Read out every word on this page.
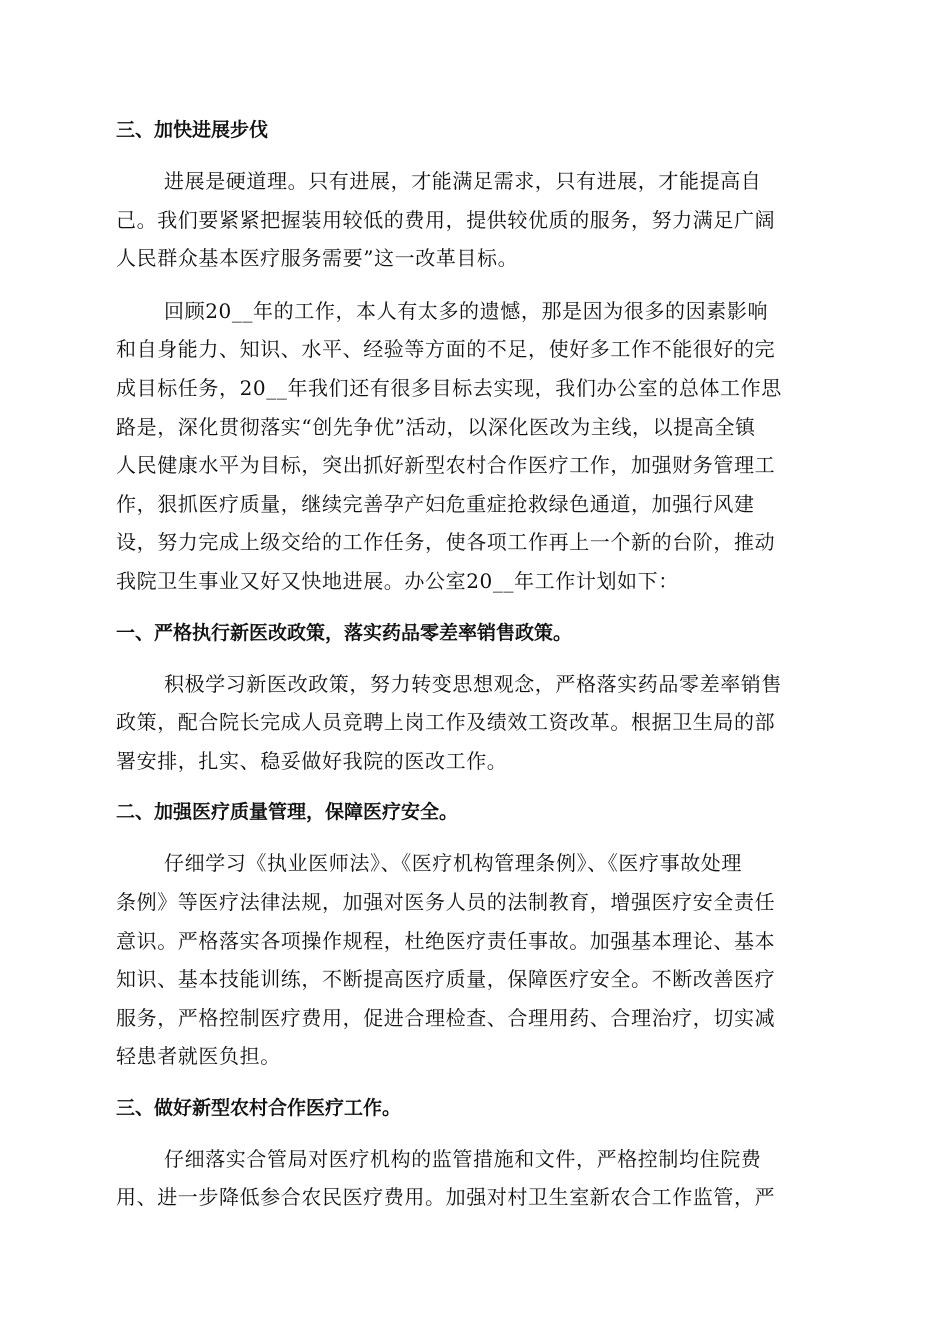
三、加快进展步伐
进展是硬道理。只有进展，才能满足需求，只有进展，才能提高自
己。我们要紧紧把握装用较低的费用，提供较优质的服务，努力满足广阔
人民群众基本医疗服务需要”这一改革目标。
回顾20__年的工作，本人有太多的遗憾，那是因为很多的因素影响
和自身能力、知识、水平、经验等方面的不足，使好多工作不能很好的完
成目标任务，20__年我们还有很多目标去实现，我们办公室的总体工作思
路是，深化贯彻落实“创先争优”活动，以深化医改为主线，以提高全镇
人民健康水平为目标，突出抓好新型农村合作医疗工作，加强财务管理工
作，狠抓医疗质量，继续完善孕产妇危重症抢救绿色通道，加强行风建
设，努力完成上级交给的工作任务，使各项工作再上一个新的台阶，推动
我院卫生事业又好又快地进展。办公室20__年工作计划如下：
一、严格执行新医改政策，落实药品零差率销售政策。
积极学习新医改政策，努力转变思想观念，严格落实药品零差率销售
政策，配合院长完成人员竞聘上岗工作及绩效工资改革。根据卫生局的部
署安排，扎实、稳妥做好我院的医改工作。
二、加强医疗质量管理，保障医疗安全。
仔细学习《执业医师法》、《医疗机构管理条例》、《医疗事故处理
条例》等医疗法律法规，加强对医务人员的法制教育，增强医疗安全责任
意识。严格落实各项操作规程，杜绝医疗责任事故。加强基本理论、基本
知识、基本技能训练，不断提高医疗质量，保障医疗安全。不断改善医疗
服务，严格控制医疗费用，促进合理检查、合理用药、合理治疗，切实减
轻患者就医负担。
三、做好新型农村合作医疗工作。
仔细落实合管局对医疗机构的监管措施和文件，严格控制均住院费
用、进一步降低参合农民医疗费用。加强对村卫生室新农合工作监管，严
